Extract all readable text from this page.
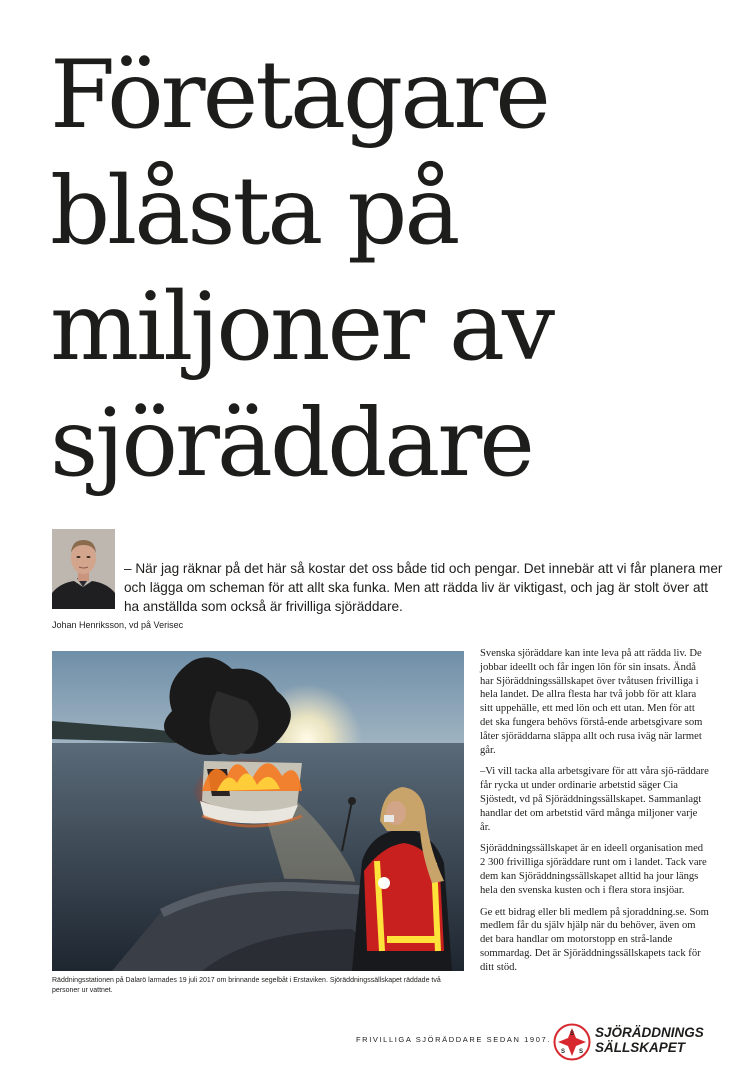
Företagare
blåsta på
miljoner av
sjöräddare

– När jag räknar på det här så kostar det oss både tid och pengar. Det innebär att vi får planera mer och lägga om scheman för att allt ska funka. Men att rädda liv är viktigast, och jag är stolt över att ha anställda som också är frivilliga sjöräddare.

Johan Henriksson, vd på Verisec

Räddningsstationen på Dalarö larmades 19 juli 2017 om brinnande segelbåt i Erstaviken. Sjöräddningssällskapet räddade två personer ur vattnet.

Svenska sjöräddare kan inte leva på att rädda liv. De jobbar ideellt och får ingen lön för sin insats. Ändå har Sjöräddningssällskapet över tvåtusen frivilliga i hela landet. De allra flesta har två jobb för att klara sitt uppehälle, ett med lön och ett utan. Men för att det ska fungera behövs förstå-ende arbetsgivare som låter sjöräddarna släppa allt och rusa iväg när larmet går.

–Vi vill tacka alla arbetsgivare för att våra sjö-räddare får rycka ut under ordinarie arbetstid säger Cia Sjöstedt, vd på Sjöräddningssällskapet. Sammanlagt handlar det om arbetstid värd många miljoner varje år.

Sjöräddningssällskapet är en ideell organisation med 2 300 frivilliga sjöräddare runt om i landet. Tack vare dem kan Sjöräddningssällskapet alltid ha jour längs hela den svenska kusten och i flera stora insjöar.

Ge ett bidrag eller bli medlem på sjoraddning.se. Som medlem får du själv hjälp när du behöver, även om det bara handlar om motorstopp en strå-lande sommardag. Det är Sjöräddningssällskapets tack för ditt stöd.

FRIVILLIGA SJÖRÄDDARE SEDAN 1907.

S
S S
SJÖRÄDDNINGS
SÄLLSKAPET
